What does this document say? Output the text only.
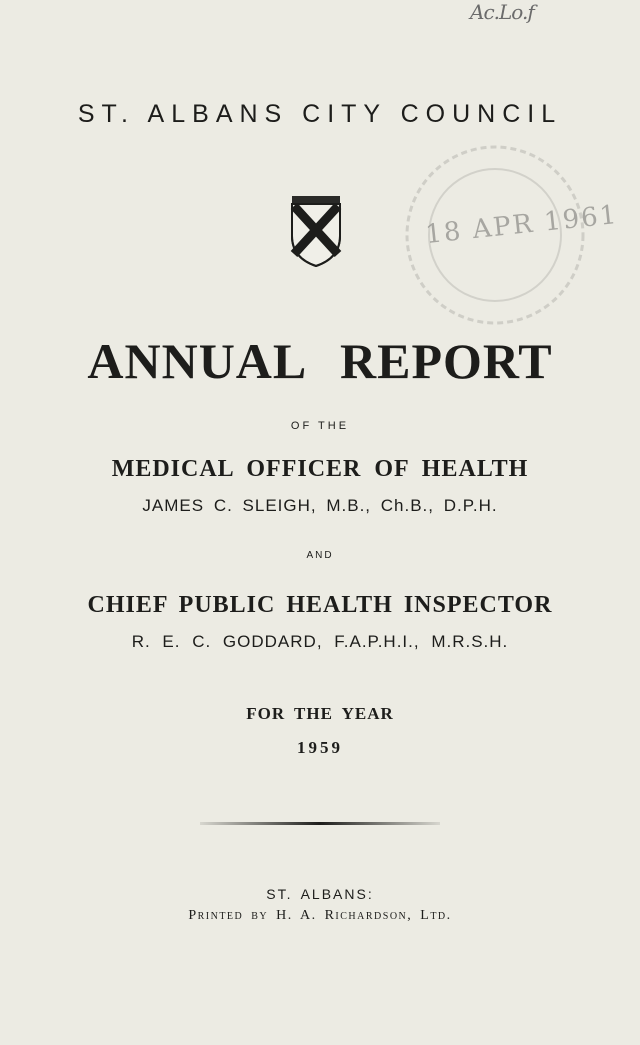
Ac.Lo.f
ST. ALBANS CITY COUNCIL
18 APR 1961
ANNUAL REPORT
OF THE
MEDICAL OFFICER OF HEALTH
JAMES C. SLEIGH, M.B., Ch.B., D.P.H.
AND
CHIEF PUBLIC HEALTH INSPECTOR
R. E. C. GODDARD, F.A.P.H.I., M.R.S.H.
FOR THE YEAR
1959
ST. ALBANS:
Printed by H. A. Richardson, Ltd.
